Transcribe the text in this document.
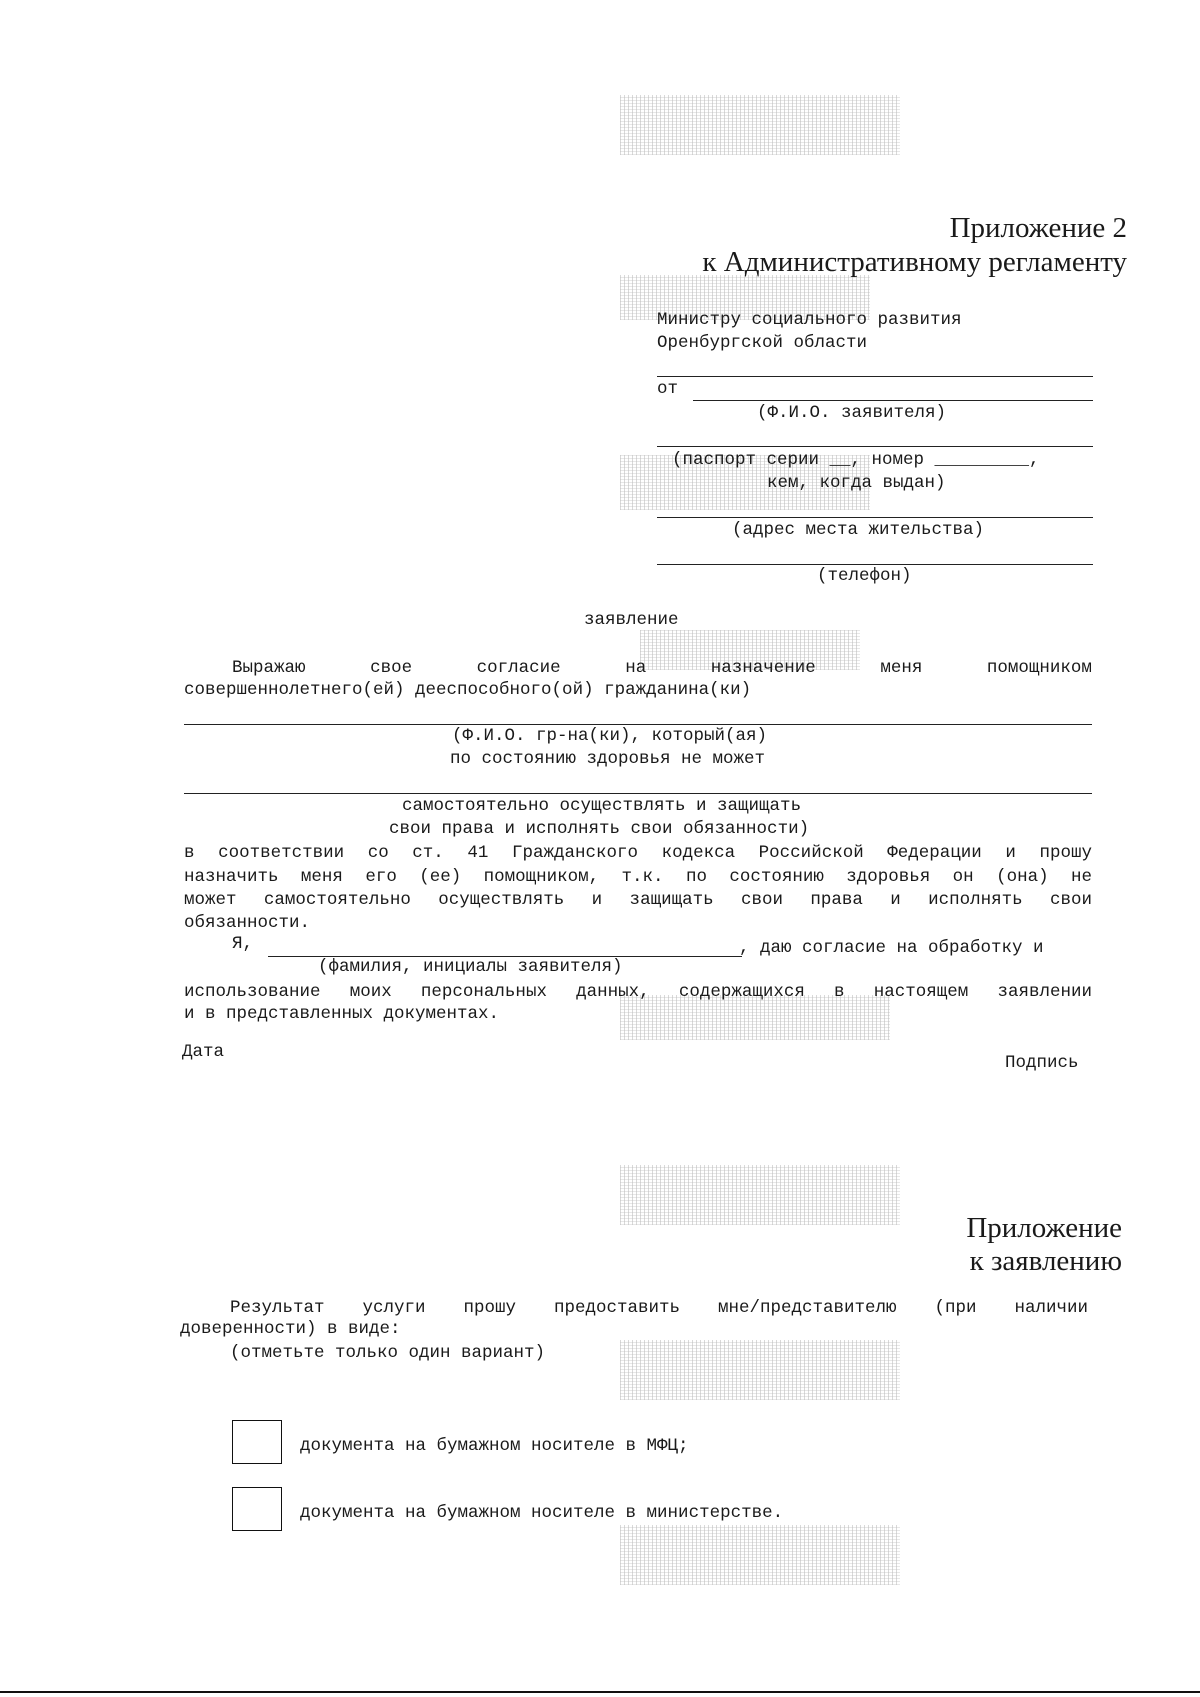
Приложение 2
к Административному регламенту
Министру социального развития
Оренбургской области
от
(Ф.И.О. заявителя)
(паспорт серии __, номер _________,
кем, когда выдан)
(адрес места жительства)
(телефон)
заявление
Выражаю	свое	согласие	на	назначение	меня	помощником
совершеннолетнего(ей) дееспособного(ой) гражданина(ки)
(Ф.И.О. гр-на(ки), который(ая)
по состоянию здоровья не может
самостоятельно осуществлять и защищать
свои права и исполнять свои обязанности)
в соответствии со ст. 41 Гражданского кодекса Российской Федерации и прошу
назначить меня его (ее) помощником, т.к. по состоянию здоровья он (она) не
может самостоятельно осуществлять и защищать свои права и исполнять свои
обязанности.
Я,	, даю согласие на обработку и
(фамилия, инициалы заявителя)
использование моих персональных данных, содержащихся в настоящем заявлении
и в представленных документах.
Дата
Подпись
Приложение
к заявлению
Результат услуги прошу предоставить мне/представителю (при наличии
доверенности) в виде:
(отметьте только один вариант)
документа на бумажном носителе в МФЦ;
документа на бумажном носителе в министерстве.
